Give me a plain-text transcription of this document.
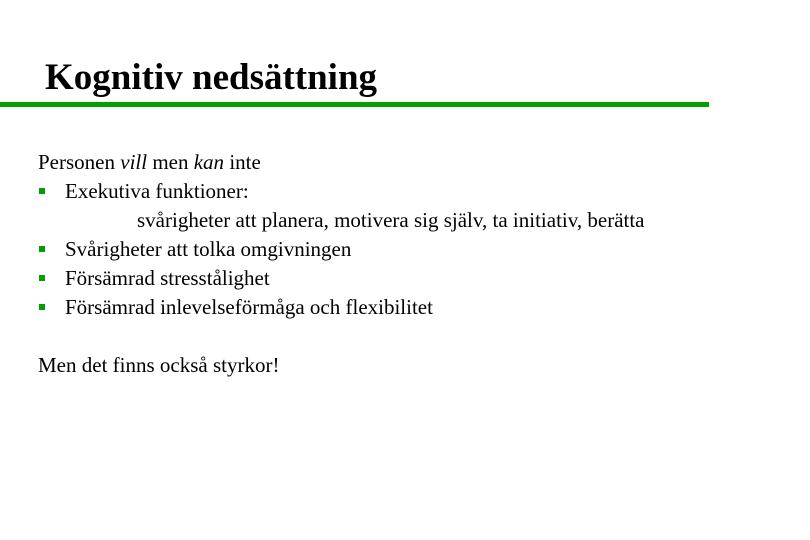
Kognitiv nedsättning
Personen vill men kan inte
Exekutiva funktioner:
svårigheter att planera, motivera sig själv, ta initiativ, berätta
Svårigheter att tolka omgivningen
Försämrad stresstålighet
Försämrad inlevelseförmåga och flexibilitet
Men det finns också styrkor!
